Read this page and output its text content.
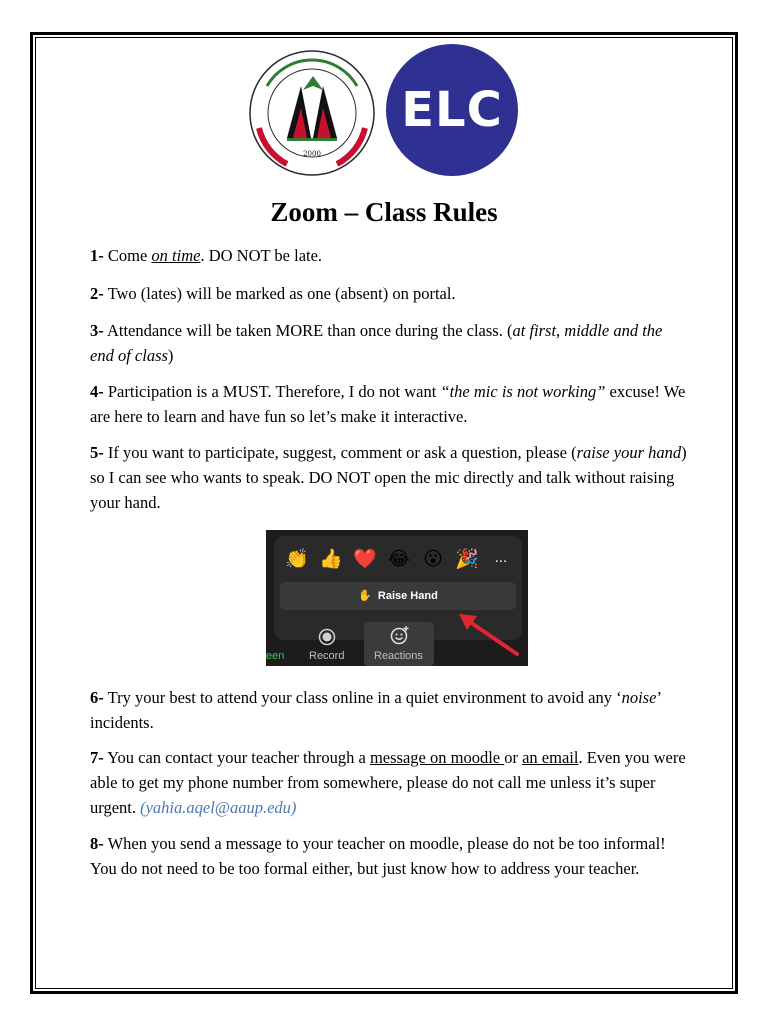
2000
ELC
Zoom – Class Rules

1- Come on time. DO NOT be late.

2- Two (lates) will be marked as one (absent) on portal.

3- Attendance will be taken MORE than once during the class. (at first, middle and the end of class)

4- Participation is a MUST. Therefore, I do not want “the mic is not working” excuse! We are here to learn and have fun so let’s make it interactive.

5- If you want to participate, suggest, comment or ask a question, please (raise your hand) so I can see who wants to speak. DO NOT open the mic directly and talk without raising your hand.

👏 👍 ❤️ 😂 😮 🎉	...
✋ Raise Hand
Record	Reactions
een

6- Try your best to attend your class online in a quiet environment to avoid any ‘noise’ incidents.

7- You can contact your teacher through a message on moodle or an email. Even you were able to get my phone number from somewhere, please do not call me unless it’s super urgent. (yahia.aqel@aaup.edu)

8- When you send a message to your teacher on moodle, please do not be too informal! You do not need to be too formal either, but just know how to address your teacher.
